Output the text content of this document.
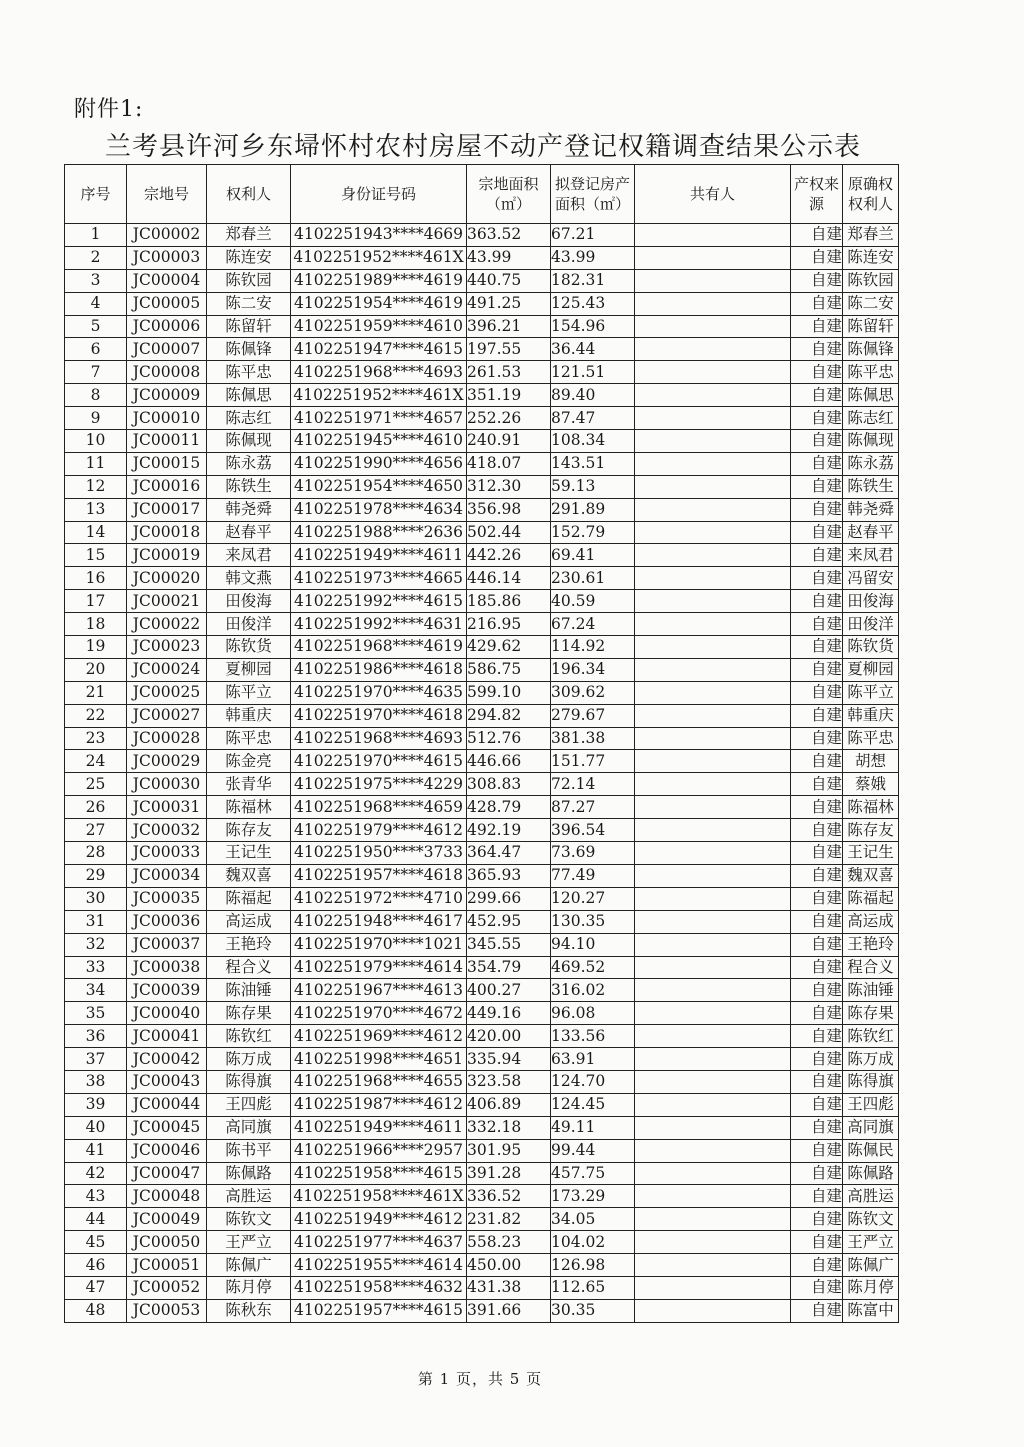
附件1:
兰考县许河乡东埽怀村农村房屋不动产登记权籍调查结果公示表
序号	宗地号	权利人	身份证号码	宗地面积（㎡）	拟登记房产面积（㎡）	共有人	产权来源	原确权权利人
1	JC00002	郑春兰	4102251943****4669	363.52	67.21		自建	郑春兰
2	JC00003	陈连安	4102251952****461X	43.99	43.99		自建	陈连安
3	JC00004	陈钦园	4102251989****4619	440.75	182.31		自建	陈钦园
4	JC00005	陈二安	4102251954****4619	491.25	125.43		自建	陈二安
5	JC00006	陈留轩	4102251959****4610	396.21	154.96		自建	陈留轩
6	JC00007	陈佩锋	4102251947****4615	197.55	36.44		自建	陈佩锋
7	JC00008	陈平忠	4102251968****4693	261.53	121.51		自建	陈平忠
8	JC00009	陈佩思	4102251952****461X	351.19	89.40		自建	陈佩思
9	JC00010	陈志红	4102251971****4657	252.26	87.47		自建	陈志红
10	JC00011	陈佩现	4102251945****4610	240.91	108.34		自建	陈佩现
11	JC00015	陈永荔	4102251990****4656	418.07	143.51		自建	陈永荔
12	JC00016	陈铁生	4102251954****4650	312.30	59.13		自建	陈铁生
13	JC00017	韩尧舜	4102251978****4634	356.98	291.89		自建	韩尧舜
14	JC00018	赵春平	4102251988****2636	502.44	152.79		自建	赵春平
15	JC00019	来凤君	4102251949****4611	442.26	69.41		自建	来凤君
16	JC00020	韩文燕	4102251973****4665	446.14	230.61		自建	冯留安
17	JC00021	田俊海	4102251992****4615	185.86	40.59		自建	田俊海
18	JC00022	田俊洋	4102251992****4631	216.95	67.24		自建	田俊洋
19	JC00023	陈钦货	4102251968****4619	429.62	114.92		自建	陈钦货
20	JC00024	夏柳园	4102251986****4618	586.75	196.34		自建	夏柳园
21	JC00025	陈平立	4102251970****4635	599.10	309.62		自建	陈平立
22	JC00027	韩重庆	4102251970****4618	294.82	279.67		自建	韩重庆
23	JC00028	陈平忠	4102251968****4693	512.76	381.38		自建	陈平忠
24	JC00029	陈金亮	4102251970****4615	446.66	151.77		自建	胡想
25	JC00030	张青华	4102251975****4229	308.83	72.14		自建	蔡娥
26	JC00031	陈福林	4102251968****4659	428.79	87.27		自建	陈福林
27	JC00032	陈存友	4102251979****4612	492.19	396.54		自建	陈存友
28	JC00033	王记生	4102251950****3733	364.47	73.69		自建	王记生
29	JC00034	魏双喜	4102251957****4618	365.93	77.49		自建	魏双喜
30	JC00035	陈福起	4102251972****4710	299.66	120.27		自建	陈福起
31	JC00036	高运成	4102251948****4617	452.95	130.35		自建	高运成
32	JC00037	王艳玲	4102251970****1021	345.55	94.10		自建	王艳玲
33	JC00038	程合义	4102251979****4614	354.79	469.52		自建	程合义
34	JC00039	陈油锤	4102251967****4613	400.27	316.02		自建	陈油锤
35	JC00040	陈存果	4102251970****4672	449.16	96.08		自建	陈存果
36	JC00041	陈钦红	4102251969****4612	420.00	133.56		自建	陈钦红
37	JC00042	陈万成	4102251998****4651	335.94	63.91		自建	陈万成
38	JC00043	陈得旗	4102251968****4655	323.58	124.70		自建	陈得旗
39	JC00044	王四彪	4102251987****4612	406.89	124.45		自建	王四彪
40	JC00045	高同旗	4102251949****4611	332.18	49.11		自建	高同旗
41	JC00046	陈书平	4102251966****2957	301.95	99.44		自建	陈佩民
42	JC00047	陈佩路	4102251958****4615	391.28	457.75		自建	陈佩路
43	JC00048	高胜运	4102251958****461X	336.52	173.29		自建	高胜运
44	JC00049	陈钦文	4102251949****4612	231.82	34.05		自建	陈钦文
45	JC00050	王严立	4102251977****4637	558.23	104.02		自建	王严立
46	JC00051	陈佩广	4102251955****4614	450.00	126.98		自建	陈佩广
47	JC00052	陈月停	4102251958****4632	431.38	112.65		自建	陈月停
48	JC00053	陈秋东	4102251957****4615	391.66	30.35		自建	陈富中
第 1 页，共 5 页
